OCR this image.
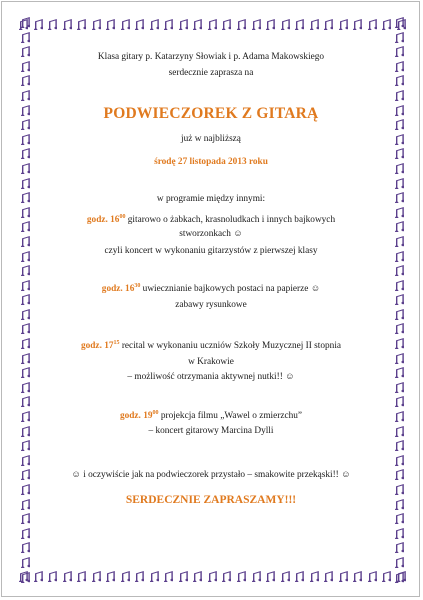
Klasa gitary p. Katarzyny Słowiak i p. Adama Makowskiego

serdecznie zaprasza na

PODWIECZOREK Z GITARĄ

już w najbliższą

środę 27 listopada 2013 roku

w programie między innymi:

godz. $16^{00}$ gitarowo o żabkach, krasnoludkach i innych bajkowych

stworzonkach ☺

czyli koncert w wykonaniu gitarzystów z pierwszej klasy

godz. $16^{30}$ uwiecznianie bajkowych postaci na papierze ☺

zabawy rysunkowe

godz. $17^{15}$ recital w wykonaniu uczniów Szkoły Muzycznej II stopnia

w Krakowie

– możliwość otrzymania aktywnej nutki!! ☺

godz. $19^{00}$ projekcja filmu „Wawel o zmierzchu”

– koncert gitarowy Marcina Dylli

☺ i oczywiście jak na podwieczorek przystało – smakowite przekąski!! ☺

SERDECZNIE ZAPRASZAMY!!!
